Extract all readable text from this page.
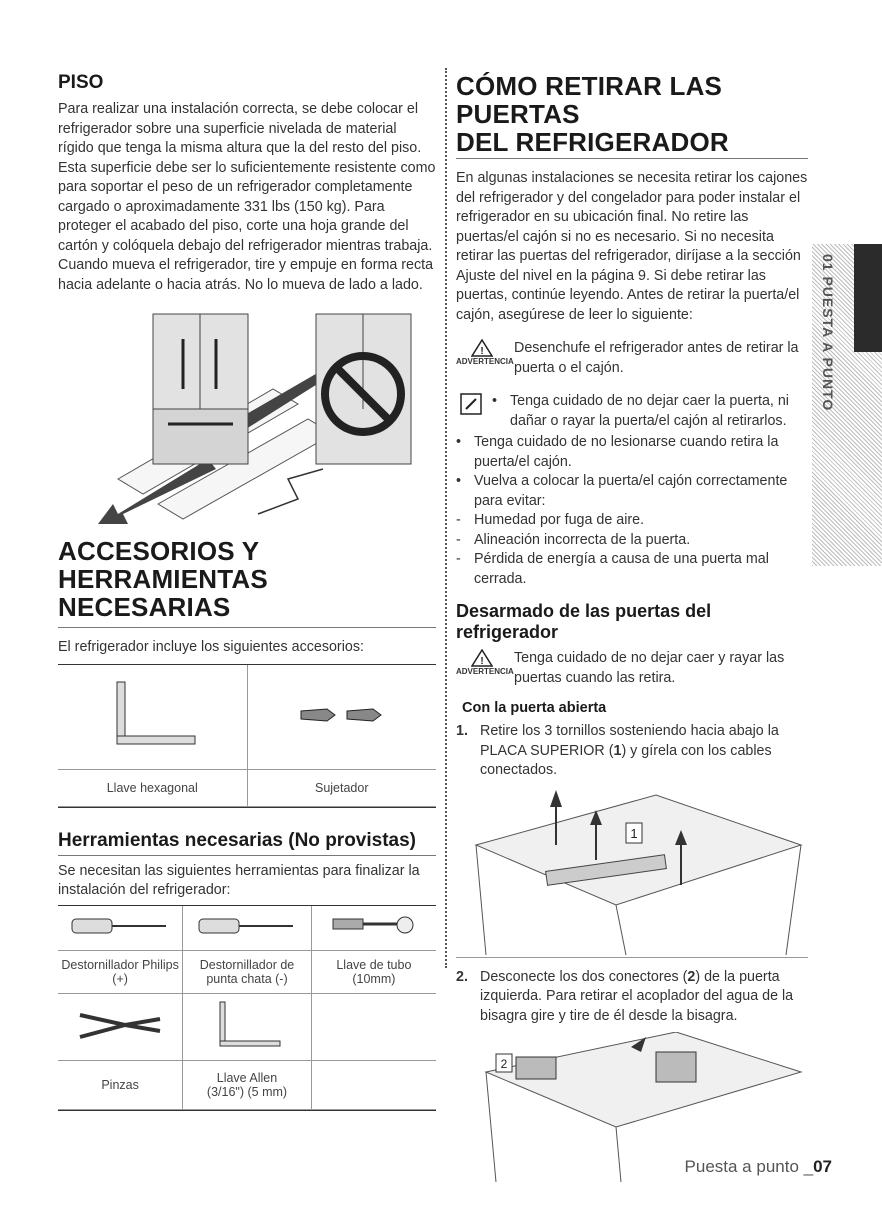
PISO

Para realizar una instalación correcta, se debe colocar el refrigerador sobre una superficie nivelada de material rígido que tenga la misma altura que la del resto del piso. Esta superficie debe ser lo suficientemente resistente como para soportar el peso de un refrigerador completamente cargado o aproximadamente 331 lbs (150 kg). Para proteger el acabado del piso, corte una hoja grande del cartón y colóquela debajo del refrigerador mientras trabaja. Cuando mueva el refrigerador, tire y empuje en forma recta hacia adelante o hacia atrás. No lo mueva de lado a lado.

ACCESORIOS Y
HERRAMIENTAS NECESARIAS

El refrigerador incluye los siguientes accesorios:

Llave hexagonal	Sujetador
Herramientas necesarias (No provistas)

Se necesitan las siguientes herramientas para finalizar la instalación del refrigerador:

Destornillador Philips (+)	Destornillador de punta chata (-)	Llave de tubo (10mm)

Pinzas	Llave Allen
(3/16") (5 mm)	
CÓMO RETIRAR LAS PUERTAS
DEL REFRIGERADOR

En algunas instalaciones se necesita retirar los cajones del refrigerador y del congelador para poder instalar el refrigerador en su ubicación final. No retire las puertas/el cajón si no es necesario. Si no necesita retirar las puertas del refrigerador, diríjase a la sección Ajuste del nivel en la página 9. Si debe retirar las puertas, continúe leyendo. Antes de retirar la puerta/el cajón, asegúrese de leer lo siguiente:

!
ADVERTENCIA

Desenchufe el refrigerador antes de retirar la puerta o el cajón.

• Tenga cuidado de no dejar caer la puerta, ni dañar o rayar la puerta/el cajón al retirarlos.
• Tenga cuidado de no lesionarse cuando retira la puerta/el cajón.
• Vuelva a colocar la puerta/el cajón correctamente para evitar:
- Humedad por fuga de aire.
- Alineación incorrecta de la puerta.
- Pérdida de energía a causa de una puerta mal cerrada.
Desarmado de las puertas del refrigerador
!
ADVERTENCIA

Tenga cuidado de no dejar caer y rayar las puertas cuando las retira.

Con la puerta abierta
1. Retire los 3 tornillos sosteniendo hacia abajo la PLACA SUPERIOR (1) y gírela con los cables conectados.
1
2. Desconecte los dos conectores (2) de la puerta izquierda. Para retirar el acoplador del agua de la bisagra gire y tire de él desde la bisagra.
2
01 PUESTA A PUNTO
Puesta a punto _07
